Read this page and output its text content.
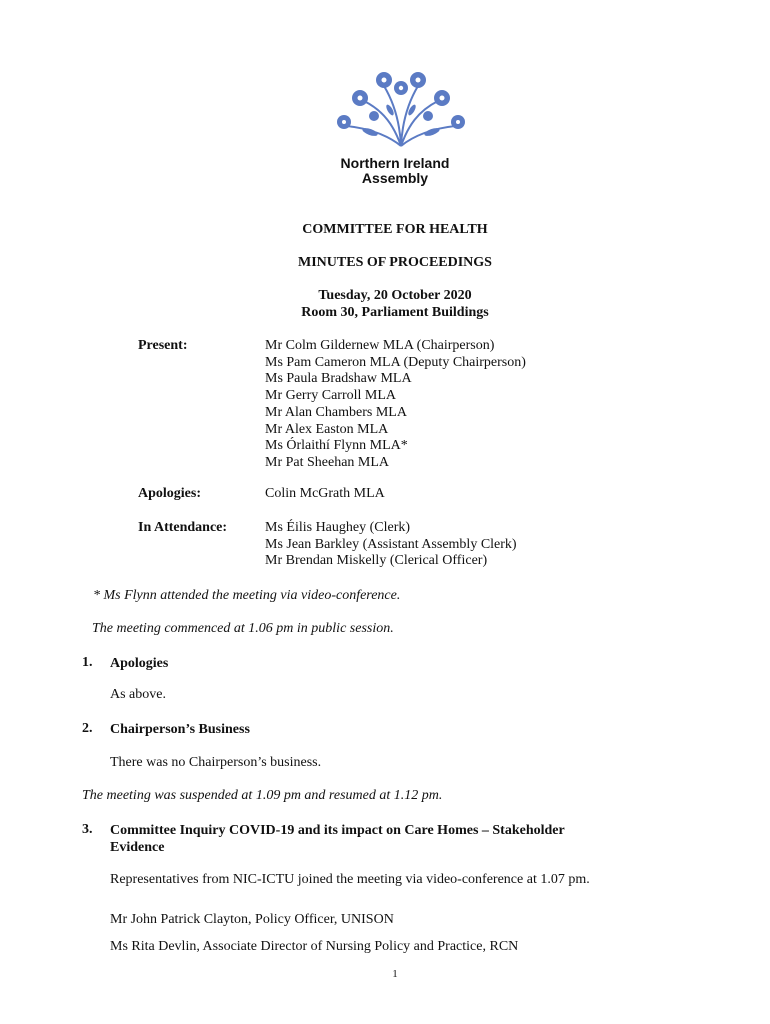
Northern Ireland
Assembly
COMMITTEE FOR HEALTH
MINUTES OF PROCEEDINGS
Tuesday, 20 October 2020
Room 30, Parliament Buildings
Present:	Mr Colm Gildernew MLA (Chairperson)
Ms Pam Cameron MLA (Deputy Chairperson)
Ms Paula Bradshaw MLA
Mr Gerry Carroll MLA
Mr Alan Chambers MLA
Mr Alex Easton MLA
Ms Órlaithí Flynn MLA*
Mr Pat Sheehan MLA
Apologies:	Colin McGrath MLA
In Attendance:	Ms Éilis Haughey (Clerk)
Ms Jean Barkley (Assistant Assembly Clerk)
Mr Brendan Miskelly (Clerical Officer)
* Ms Flynn attended the meeting via video-conference.
The meeting commenced at 1.06 pm in public session.
1. Apologies
As above.
2. Chairperson’s Business
There was no Chairperson’s business.
The meeting was suspended at 1.09 pm and resumed at 1.12 pm.
3. Committee Inquiry COVID-19 and its impact on Care Homes – Stakeholder
Evidence
Representatives from NIC-ICTU joined the meeting via video-conference at 1.07 pm.
Mr John Patrick Clayton, Policy Officer, UNISON
Ms Rita Devlin, Associate Director of Nursing Policy and Practice, RCN
1
